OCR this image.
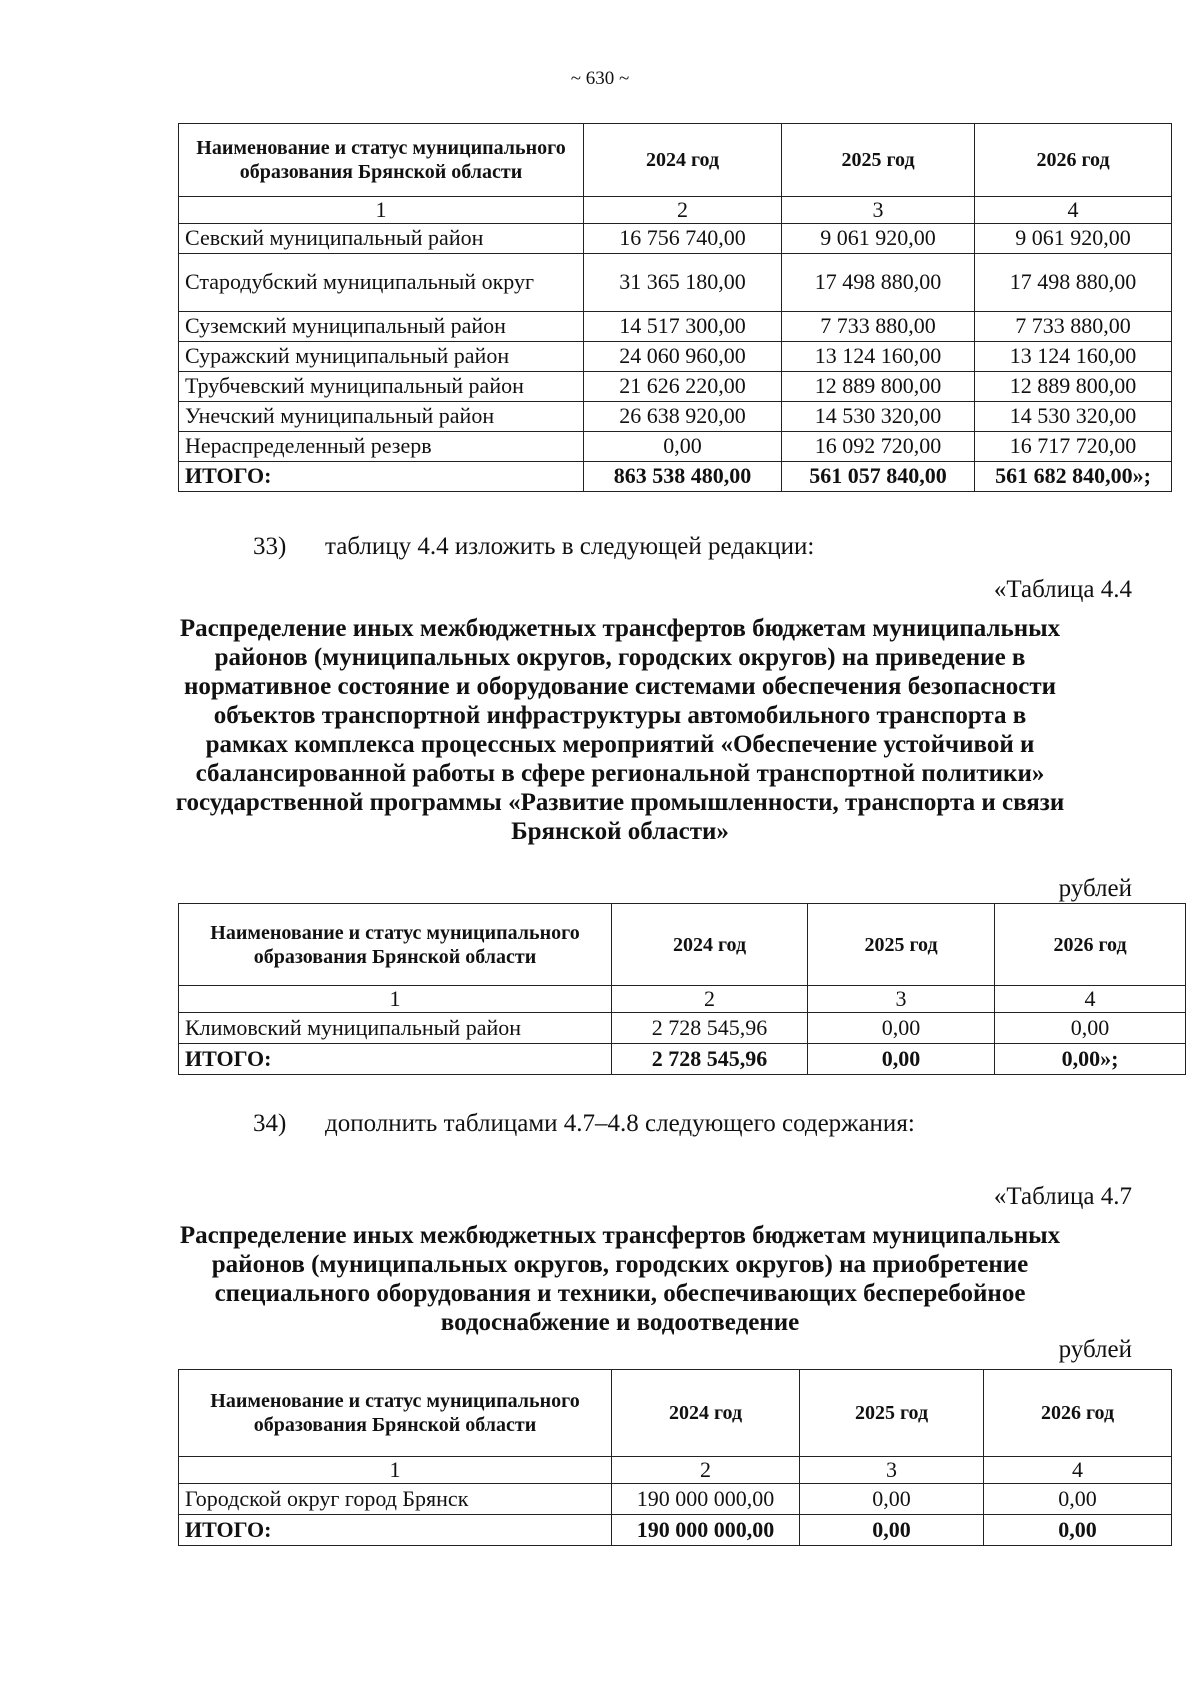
~ 630 ~
Наименование и статус муниципального образования Брянской области	2024 год	2025 год	2026 год
1	2	3	4
Севский муниципальный район	16 756 740,00	9 061 920,00	9 061 920,00
Стародубский муниципальный округ	31 365 180,00	17 498 880,00	17 498 880,00
Суземский муниципальный район	14 517 300,00	7 733 880,00	7 733 880,00
Суражский муниципальный район	24 060 960,00	13 124 160,00	13 124 160,00
Трубчевский муниципальный район	21 626 220,00	12 889 800,00	12 889 800,00
Унечский муниципальный район	26 638 920,00	14 530 320,00	14 530 320,00
Нераспределенный резерв	0,00	16 092 720,00	16 717 720,00
ИТОГО:	863 538 480,00	561 057 840,00	561 682 840,00»;
33) таблицу 4.4 изложить в следующей редакции:
«Таблица 4.4

Распределение иных межбюджетных трансфертов бюджетам муниципальных районов (муниципальных округов, городских округов) на приведение в нормативное состояние и оборудование системами обеспечения безопасности объектов транспортной инфраструктуры автомобильного транспорта в рамках комплекса процессных мероприятий «Обеспечение устойчивой и сбалансированной работы в сфере региональной транспортной политики» государственной программы «Развитие промышленности, транспорта и связи Брянской области»

рублей
Наименование и статус муниципального образования Брянской области	2024 год	2025 год	2026 год
1	2	3	4
Климовский муниципальный район	2 728 545,96	0,00	0,00
ИТОГО:	2 728 545,96	0,00	0,00»;
34) дополнить таблицами 4.7–4.8 следующего содержания:
«Таблица 4.7

Распределение иных межбюджетных трансфертов бюджетам муниципальных районов (муниципальных округов, городских округов) на приобретение специального оборудования и техники, обеспечивающих бесперебойное водоснабжение и водоотведение

рублей
Наименование и статус муниципального образования Брянской области	2024 год	2025 год	2026 год
1	2	3	4
Городской округ город Брянск	190 000 000,00	0,00	0,00
ИТОГО:	190 000 000,00	0,00	0,00
